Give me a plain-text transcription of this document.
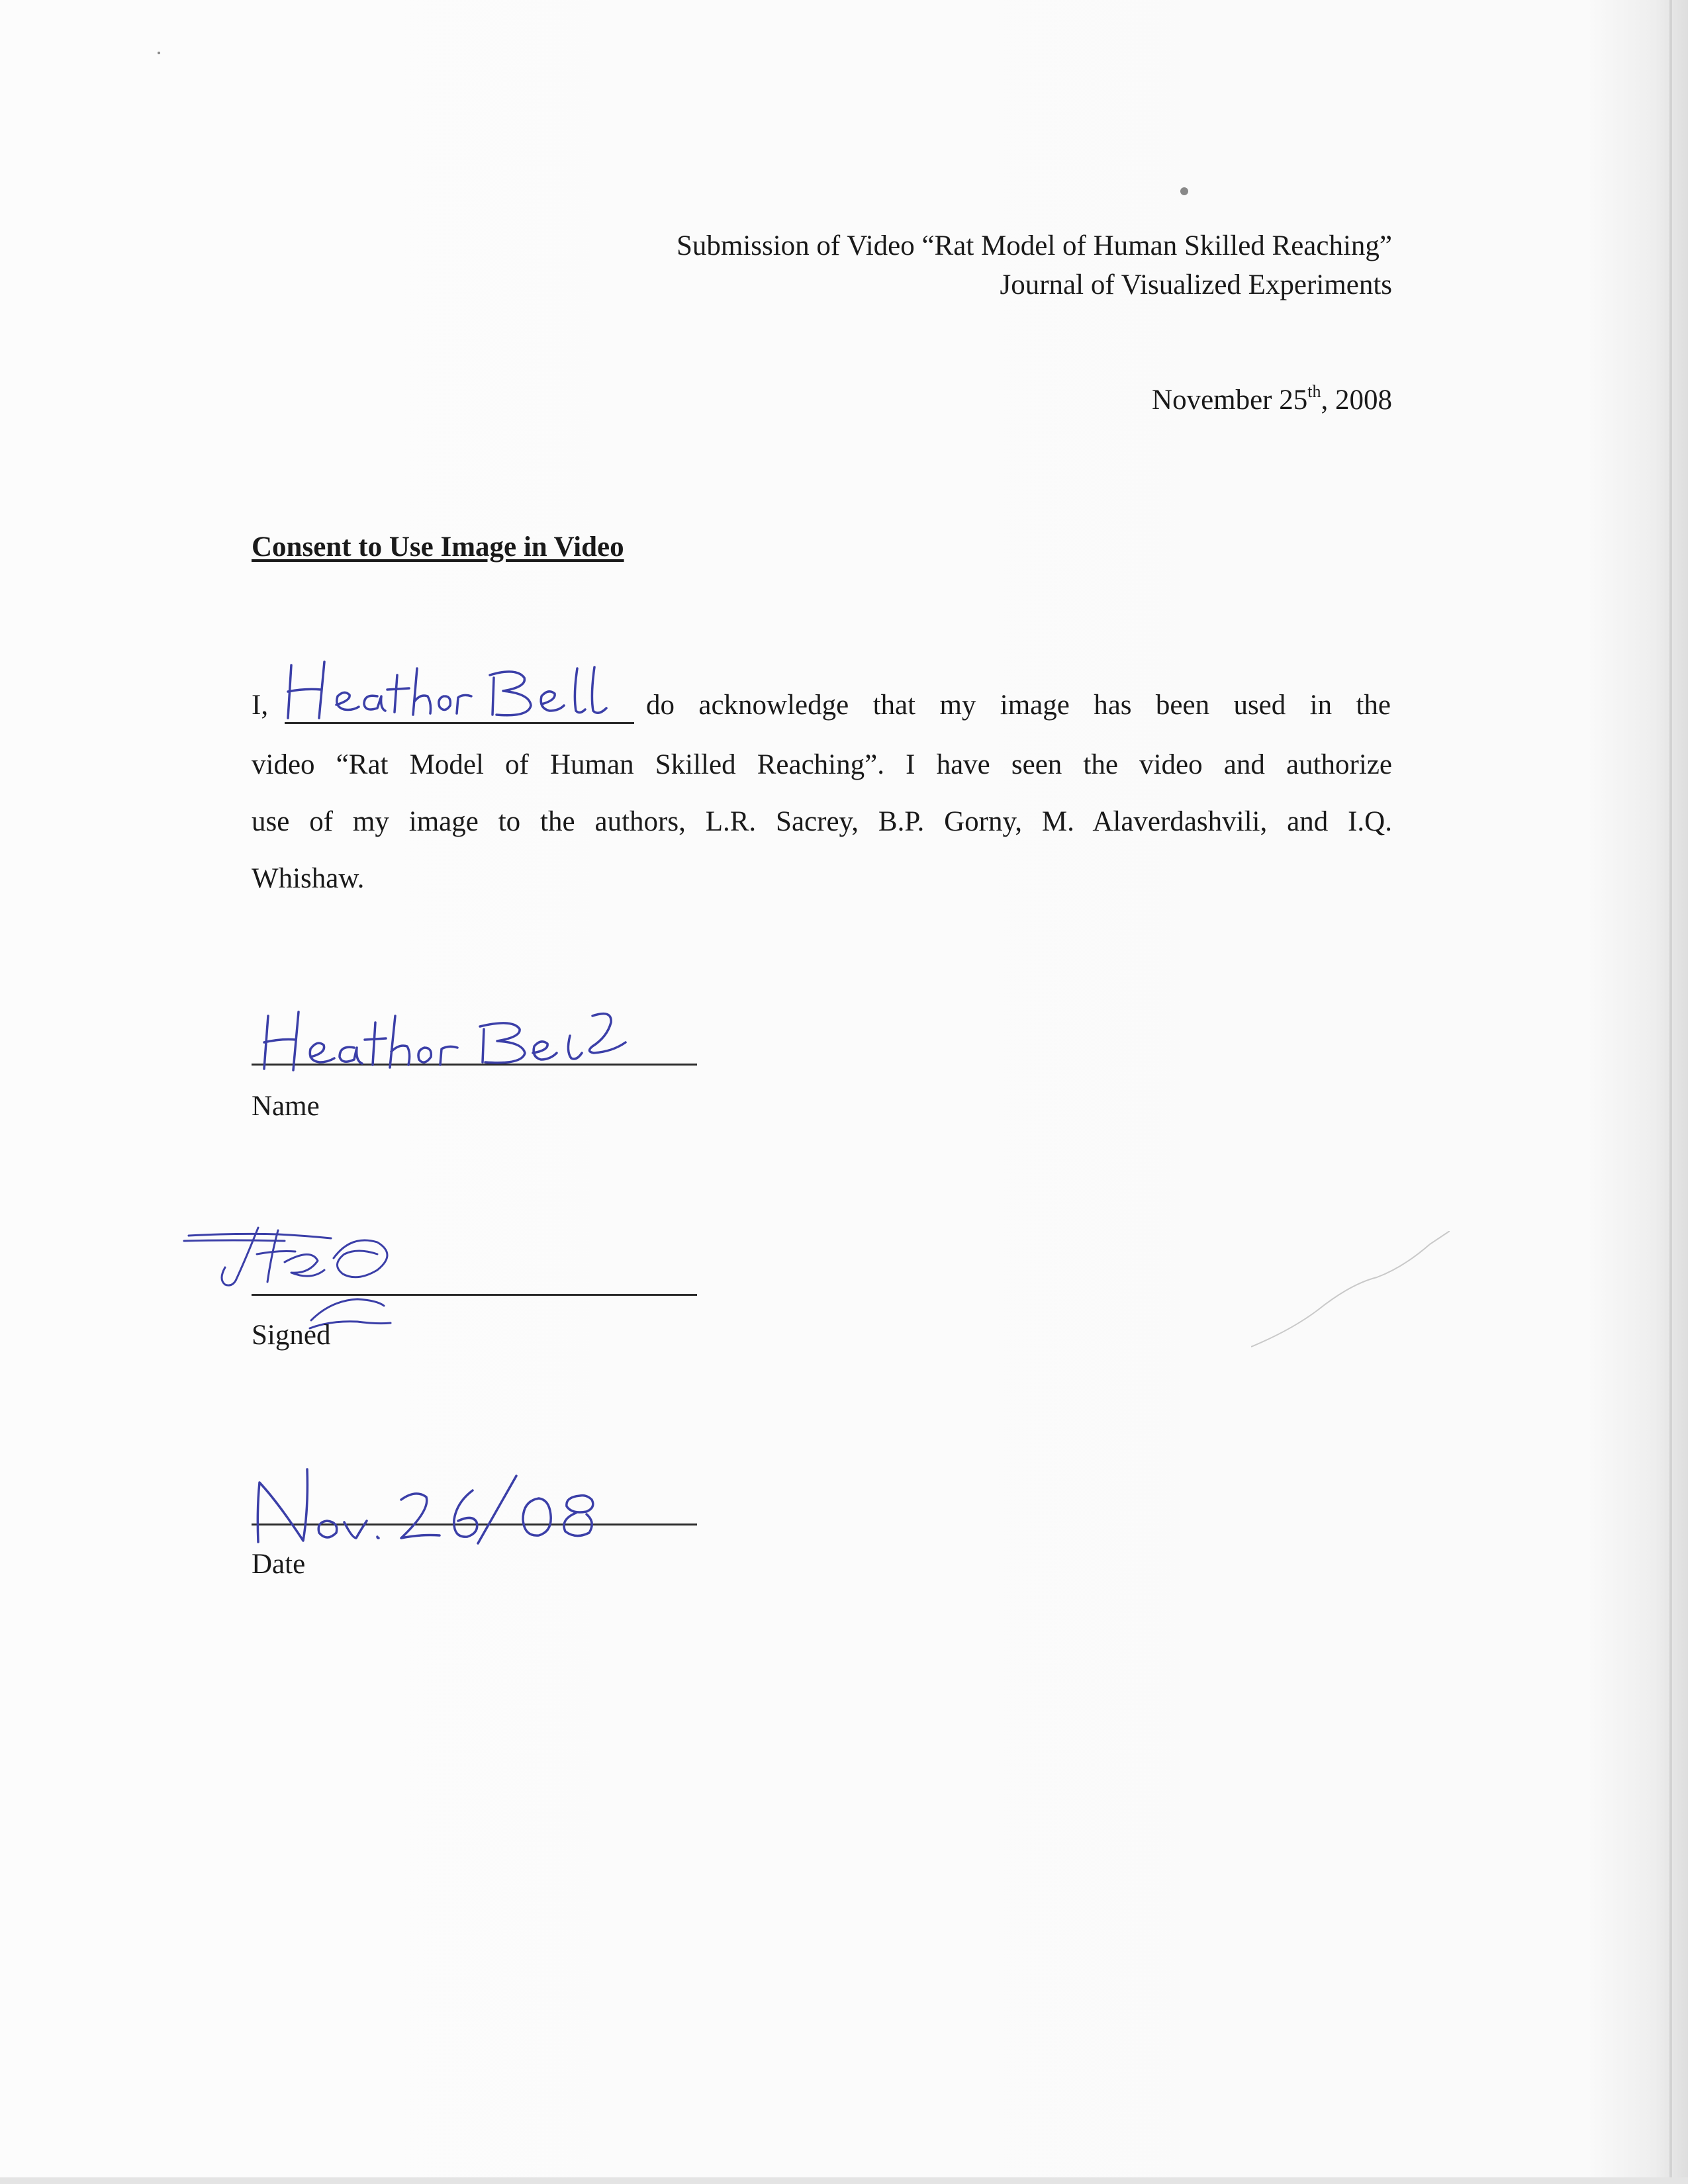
Submission of Video “Rat Model of Human Skilled Reaching”
Journal of Visualized Experiments
November 25th, 2008
Consent to Use Image in Video
I,	do acknowledge that my image has been used in the
video “Rat Model of Human Skilled Reaching”. I have seen the video and authorize
use of my image to the authors, L.R. Sacrey, B.P. Gorny, M. Alaverdashvili, and I.Q.
Whishaw.
Name
Signed
Date
